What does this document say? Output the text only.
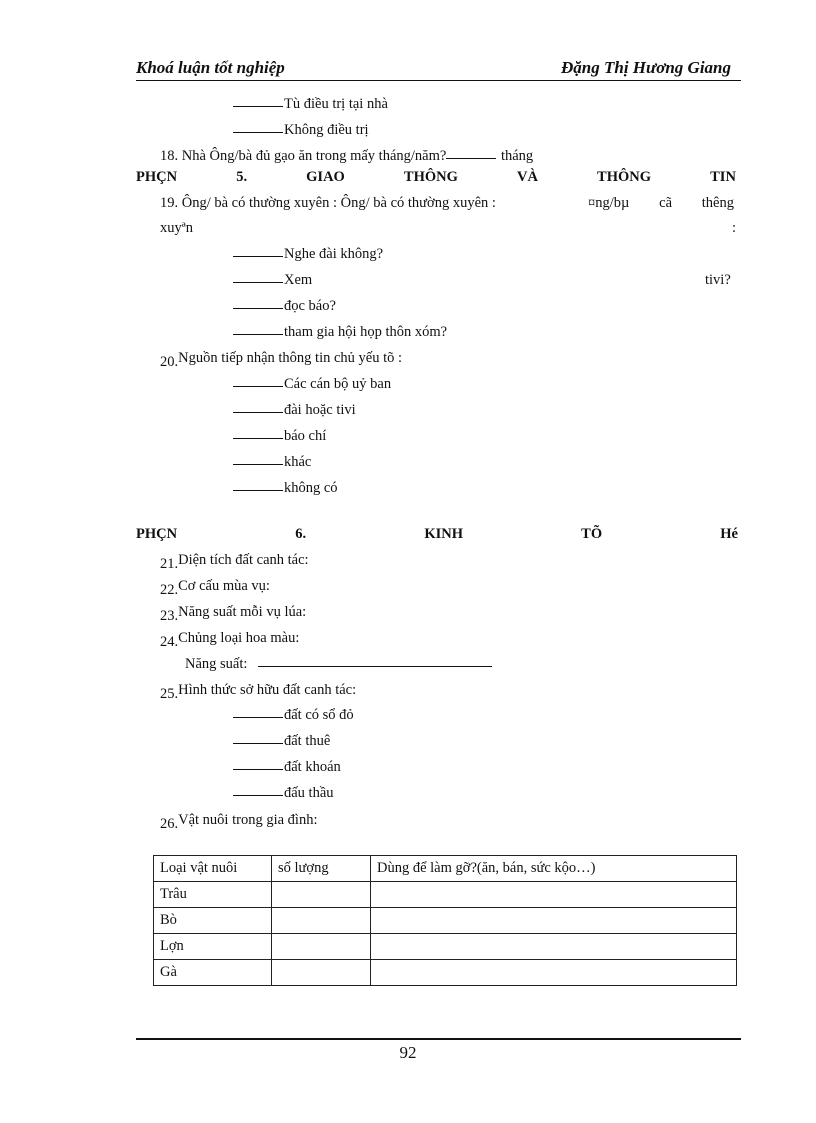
Khoá luận tốt nghiệp	Đặng Thị Hương Giang
Tù điều trị tại nhà
Không điều trị
18. Nhà Ông/bà đủ gạo ăn trong mấy tháng/năm?	tháng
PHÇN	5.	GIAO	THÔNG	VÀ	THÔNG	TIN
19. Ông/ bà có thường xuyên : Ông/ bà có thường xuyên :	¤ng/bµ cã thêng
xuyªn	:
Nghe đài không?
Xem	tivi?
đọc báo?
tham gia hội họp thôn xóm?
20.Nguồn tiếp nhận thông tin chủ yếu tõ :
Các cán bộ uỷ ban
đài hoặc tivi
báo chí
khác
không có
PHÇN	6.	KINH	TÕ	Hé
21.Diện tích đất canh tác:
22.Cơ cấu mùa vụ:
23.Năng suất mỗi vụ lúa:
24.Chủng loại hoa màu:
Năng suất:
25.Hình thức sở hữu đất canh tác:
đất có sổ đỏ
đất thuê
đất khoán
đấu thầu
26.Vật nuôi trong gia đình:
Loại vật nuôi	số lượng	Dùng để làm gỡ?(ăn, bán, sức kộo…)
Trâu		
Bò		
Lợn		
Gà		
92
